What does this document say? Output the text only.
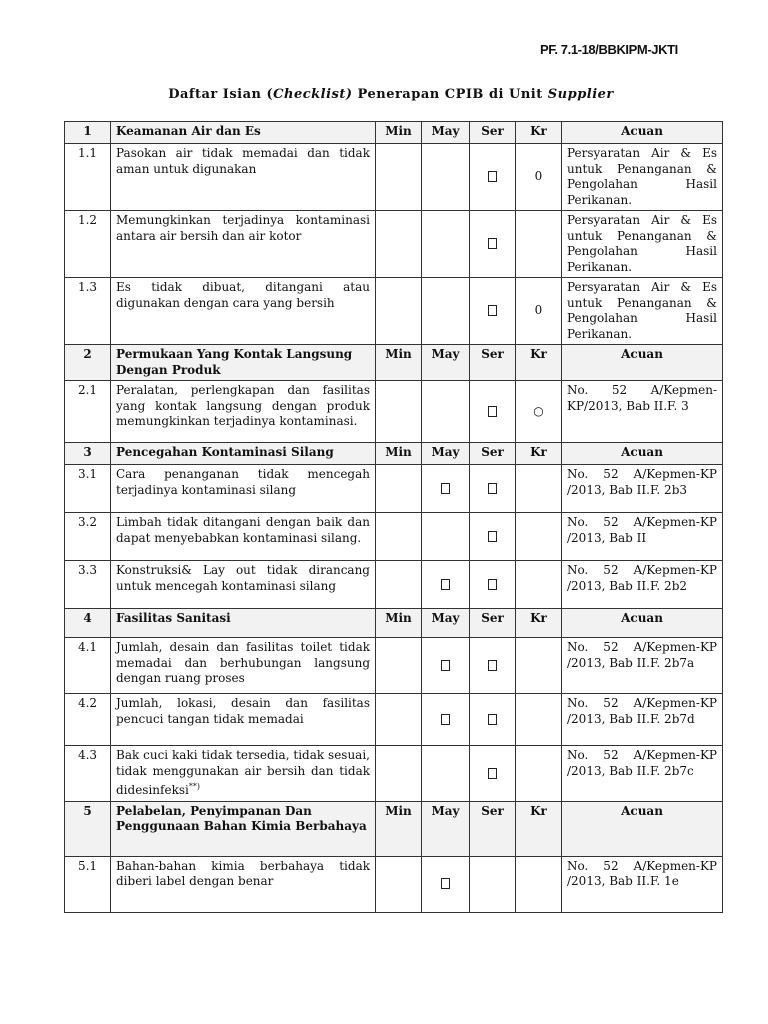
PF. 7.1-18/BBKIPM-JKTI
Daftar Isian (Checklist) Penerapan CPIB di Unit Supplier
1	Keamanan Air dan Es	Min	May	Ser	Kr	Acuan
1.1	Pasokan air tidak memadai dan tidak aman untuk digunakan				0	Persyaratan Air & Es untuk Penanganan & Pengolahan Hasil Perikanan.
1.2	Memungkinkan terjadinya kontaminasi antara air bersih dan air kotor					Persyaratan Air & Es untuk Penanganan & Pengolahan Hasil Perikanan.
1.3	Es tidak dibuat, ditangani atau digunakan dengan cara yang bersih				0	Persyaratan Air & Es untuk Penanganan & Pengolahan Hasil Perikanan.
2	Permukaan Yang Kontak Langsung Dengan Produk	Min	May	Ser	Kr	Acuan
2.1	Peralatan, perlengkapan dan fasilitas yang kontak langsung dengan produk memungkinkan terjadinya kontaminasi.				○	No. 52 A/Kepmen-KP/2013, Bab II.F. 3
3	Pencegahan Kontaminasi Silang	Min	May	Ser	Kr	Acuan
3.1	Cara penanganan tidak mencegah terjadinya kontaminasi silang					No. 52 A/Kepmen-KP /2013, Bab II.F. 2b3
3.2	Limbah tidak ditangani dengan baik dan dapat menyebabkan kontaminasi silang.					No. 52 A/Kepmen-KP /2013, Bab II
3.3	Konstruksi& Lay out tidak dirancang untuk mencegah kontaminasi silang					No. 52 A/Kepmen-KP /2013, Bab II.F. 2b2
4	Fasilitas Sanitasi	Min	May	Ser	Kr	Acuan
4.1	Jumlah, desain dan fasilitas toilet tidak memadai dan berhubungan langsung dengan ruang proses					No. 52 A/Kepmen-KP /2013, Bab II.F. 2b7a
4.2	Jumlah, lokasi, desain dan fasilitas pencuci tangan tidak memadai					No. 52 A/Kepmen-KP /2013, Bab II.F. 2b7d
4.3	Bak cuci kaki tidak tersedia, tidak sesuai, tidak menggunakan air bersih dan tidak didesinfeksi**)					No. 52 A/Kepmen-KP /2013, Bab II.F. 2b7c
5	Pelabelan, Penyimpanan Dan Penggunaan Bahan Kimia Berbahaya	Min	May	Ser	Kr	Acuan
5.1	Bahan-bahan kimia berbahaya tidak diberi label dengan benar					No. 52 A/Kepmen-KP /2013, Bab II.F. 1e
